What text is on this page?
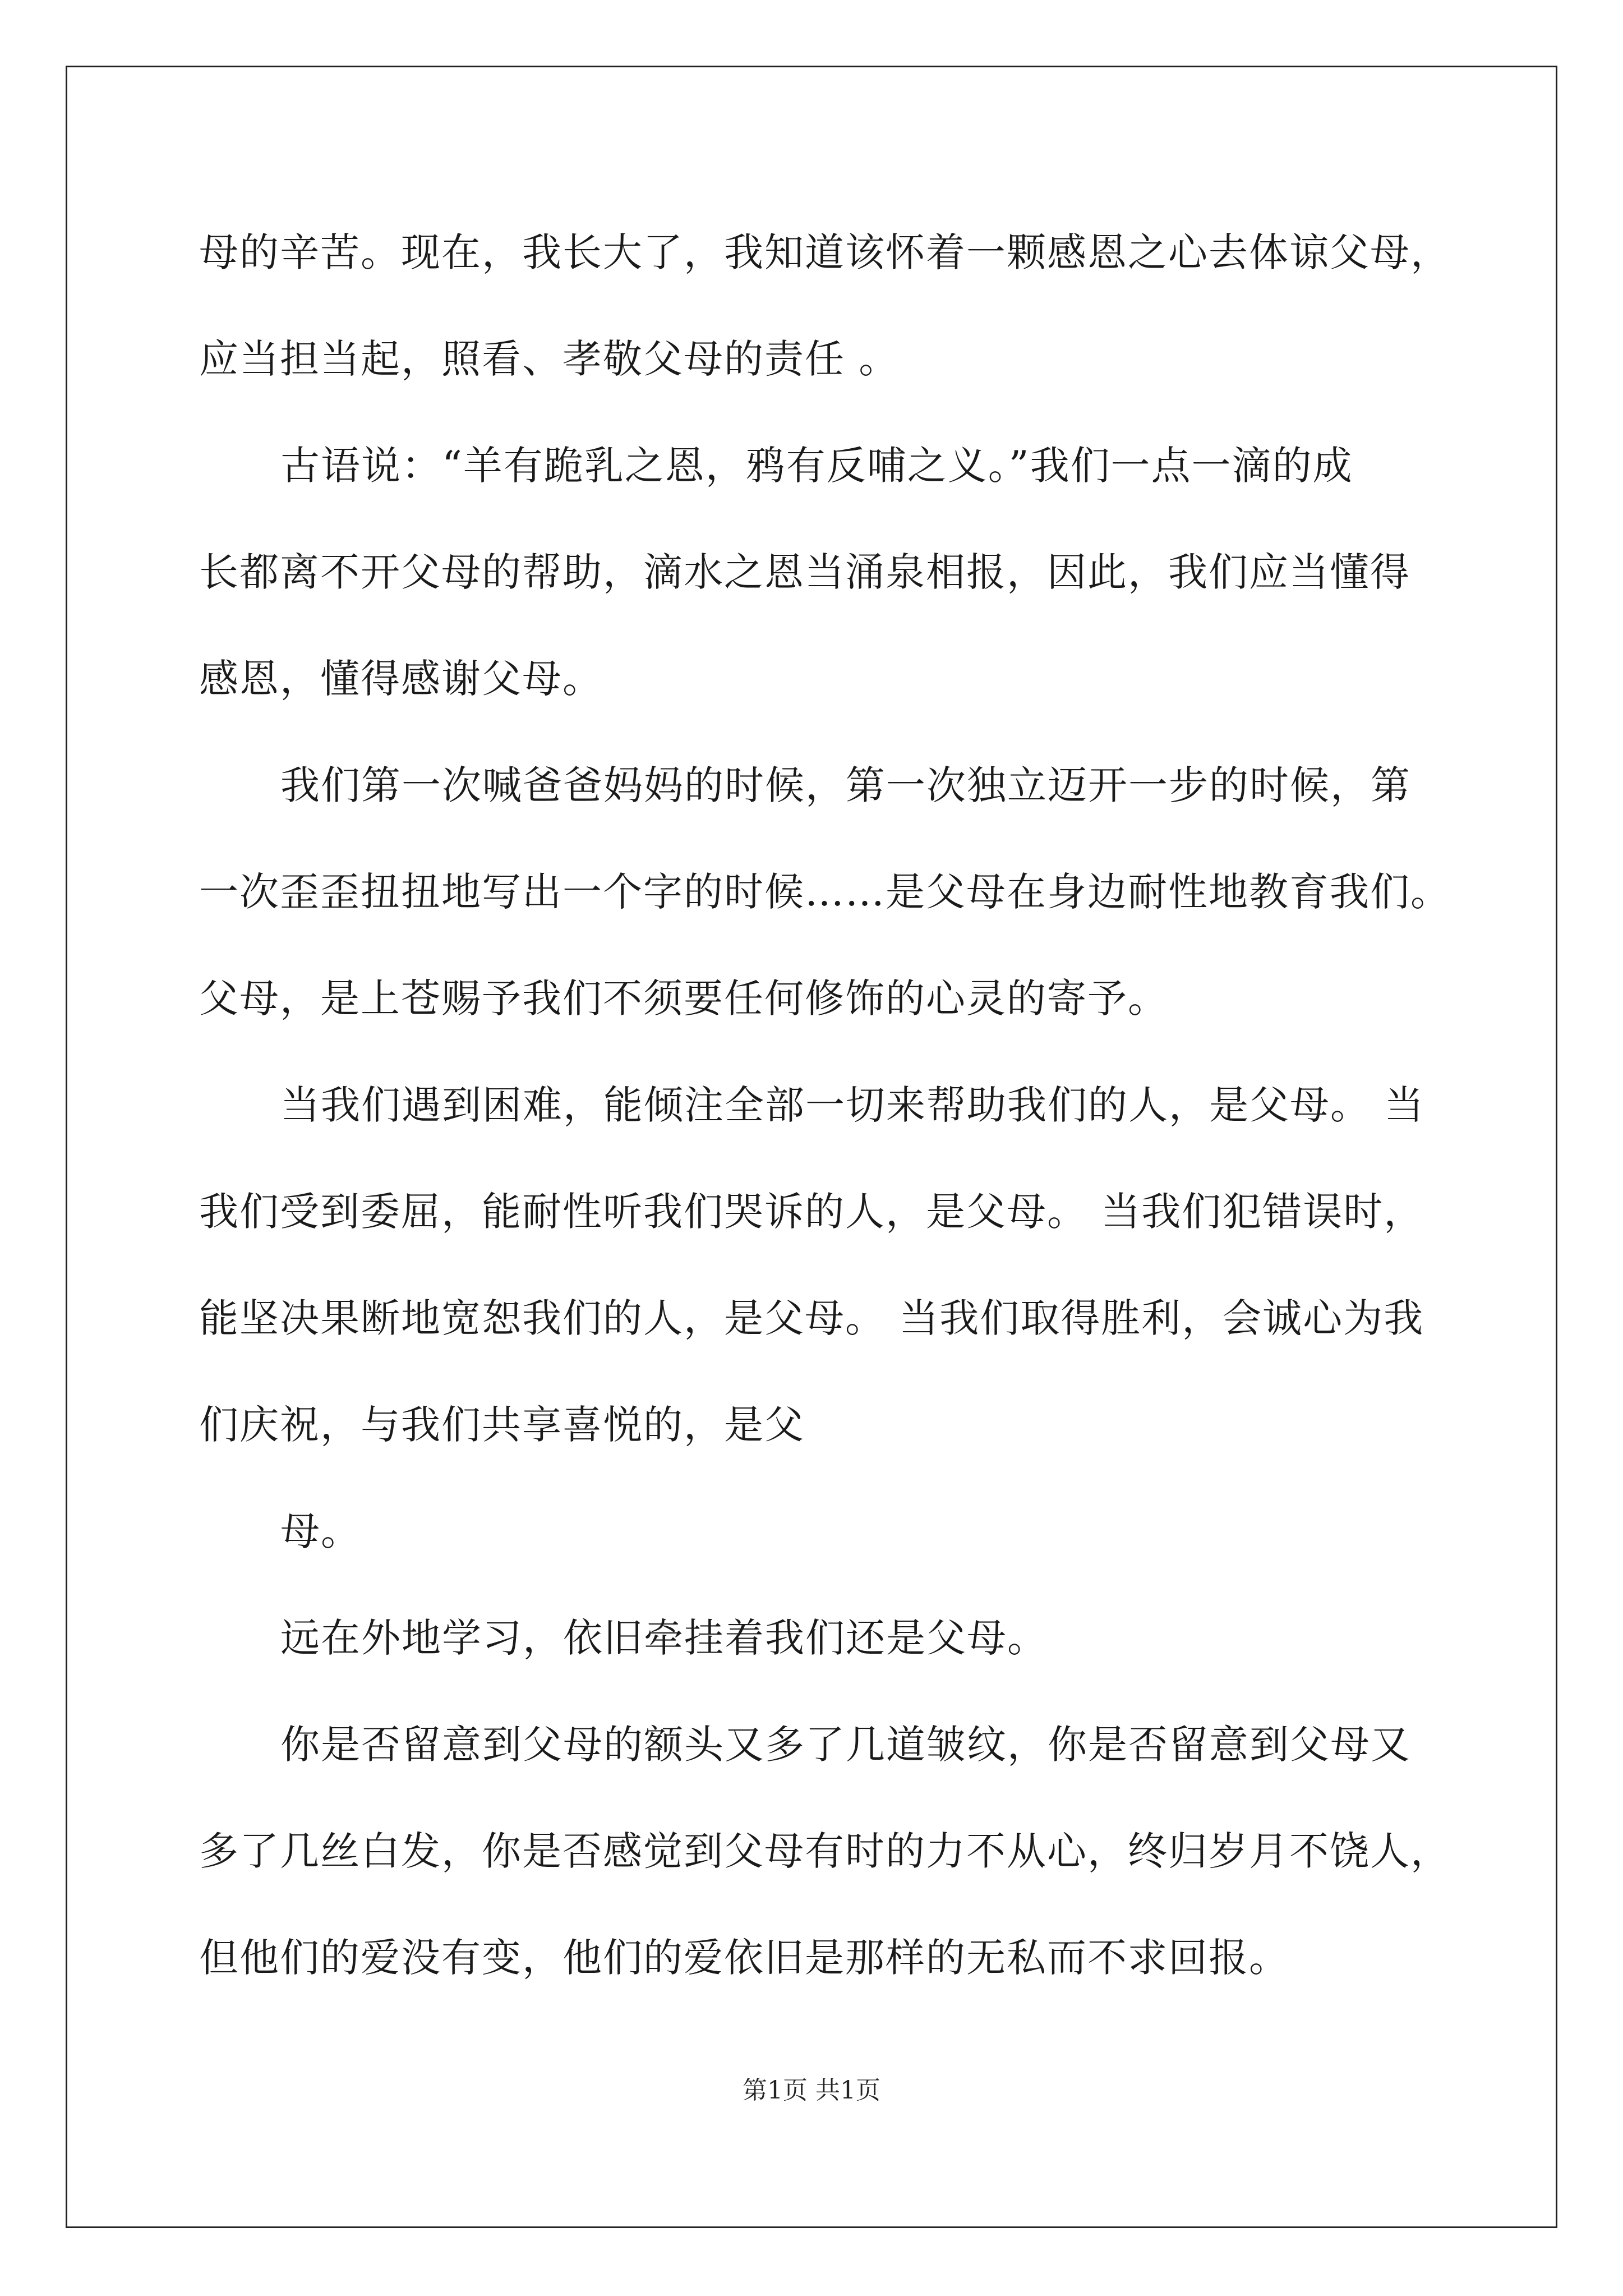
母的辛苦。现在，我长大了，我知道该怀着一颗感恩之心去体谅父母，
应当担当起，照看、孝敬父母的责任 。
古语说：“羊有跪乳之恩，鸦有反哺之义。”我们一点一滴的成
长都离不开父母的帮助，滴水之恩当涌泉相报，因此，我们应当懂得
感恩，懂得感谢父母。
我们第一次喊爸爸妈妈的时候，第一次独立迈开一步的时候，第
一次歪歪扭扭地写出一个字的时候……是父母在身边耐性地教育我们。
父母，是上苍赐予我们不须要任何修饰的心灵的寄予。
当我们遇到困难，能倾注全部一切来帮助我们的人，是父母。 当
我们受到委屈，能耐性听我们哭诉的人，是父母。 当我们犯错误时，
能坚决果断地宽恕我们的人，是父母。 当我们取得胜利，会诚心为我
们庆祝，与我们共享喜悦的，是父
母。
远在外地学习，依旧牵挂着我们还是父母。
你是否留意到父母的额头又多了几道皱纹，你是否留意到父母又
多了几丝白发，你是否感觉到父母有时的力不从心，终归岁月不饶人，
但他们的爱没有变，他们的爱依旧是那样的无私而不求回报。
第1页 共1页
